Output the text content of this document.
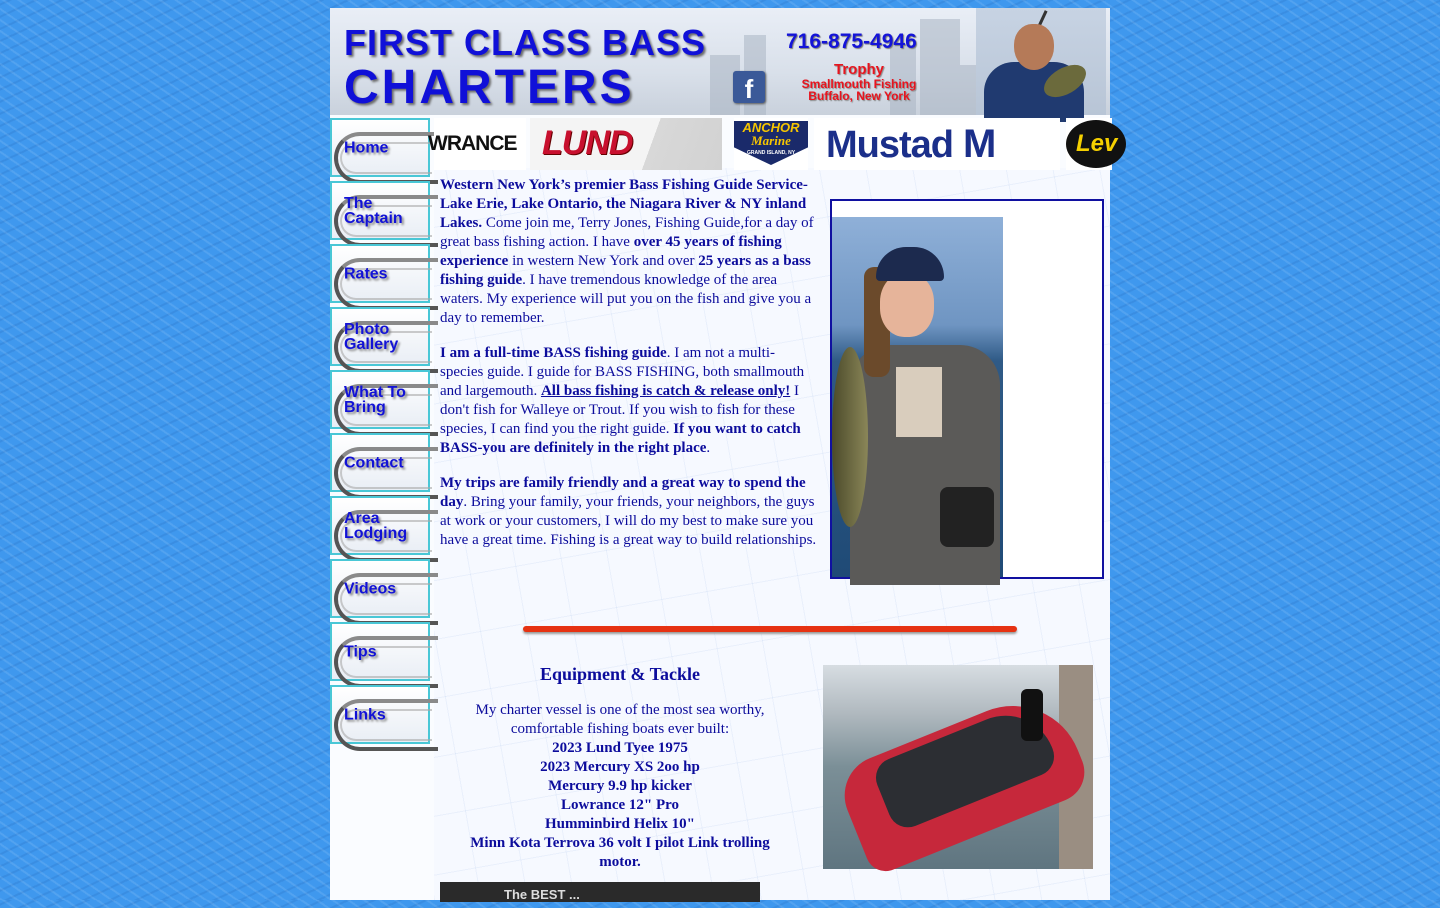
FIRST CLASS BASS
CHARTERS	f
716-875-4946
Trophy
Smallmouth Fishing
Buffalo, New York
Home
The
Captain
Rates
Photo
Gallery
What To
Bring
Contact
Area
Lodging
Videos
Tips
Links
WRANCE LUND	ANCHOR
Marine
GRAND ISLAND, NY Mustad M	Lev

Western New York’s premier Bass Fishing Guide Service-Lake Erie, Lake Ontario, the Niagara River & NY inland Lakes. Come join me, Terry Jones, Fishing Guide,for a day of great bass fishing action. I have over 45 years of fishing experience in western New York and over 25 years as a bass fishing guide. I have tremendous knowledge of the area waters. My experience will put you on the fish and give you a day to remember.

I am a full-time BASS fishing guide. I am not a multi-species guide. I guide for BASS FISHING, both smallmouth and largemouth. All bass fishing is catch & release only! I don't fish for Walleye or Trout. If you wish to fish for these species, I can find you the right guide. If you want to catch BASS-you are definitely in the right place.

My trips are family friendly and a great way to spend the day. Bring your family, your friends, your neighbors, the guys at work or your customers, I will do my best to make sure you have a great time. Fishing is a great way to build relationships.

Equipment & Tackle

My charter vessel is one of the most sea worthy, comfortable fishing boats ever built:

2023 Lund Tyee 1975
2023 Mercury XS 2oo hp
Mercury 9.9 hp kicker
Lowrance 12" Pro
Humminbird Helix 10"
Minn Kota Terrova 36 volt I pilot Link trolling motor.
The BEST ...
